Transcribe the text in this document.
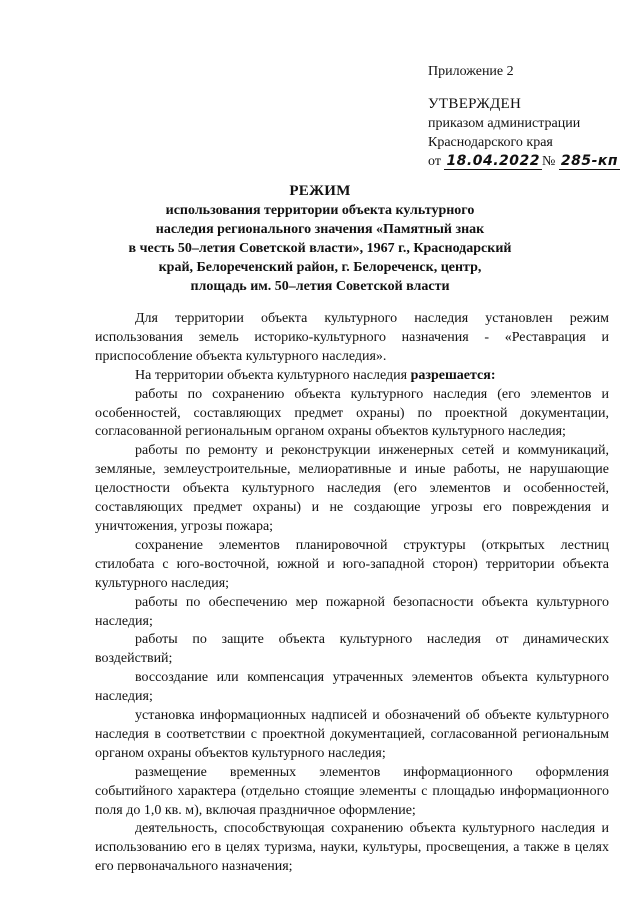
Приложение 2
УТВЕРЖДЕН
приказом администрации
Краснодарского края
от 18.04.2022 № 285-кп
РЕЖИМ
использования территории объекта культурного
наследия регионального значения «Памятный знак
в честь 50–летия Советской власти», 1967 г., Краснодарский
край, Белореченский район, г. Белореченск, центр,
площадь им. 50–летия Советской власти

Для территории объекта культурного наследия установлен режим использования земель историко-культурного назначения - «Реставрация и приспособление объекта культурного наследия».

На территории объекта культурного наследия разрешается:

работы по сохранению объекта культурного наследия (его элементов и особенностей, составляющих предмет охраны) по проектной документации, согласованной региональным органом охраны объектов культурного наследия;

работы по ремонту и реконструкции инженерных сетей и коммуникаций, земляные, землеустроительные, мелиоративные и иные работы, не нарушающие целостности объекта культурного наследия (его элементов и особенностей, составляющих предмет охраны) и не создающие угрозы его повреждения и уничтожения, угрозы пожара;

сохранение элементов планировочной структуры (открытых лестниц стилобата с юго-восточной, южной и юго-западной сторон) территории объекта культурного наследия;

работы по обеспечению мер пожарной безопасности объекта культурного наследия;

работы по защите объекта культурного наследия от динамических воздействий;

воссоздание или компенсация утраченных элементов объекта культурного наследия;

установка информационных надписей и обозначений об объекте культурного наследия в соответствии с проектной документацией, согласованной региональным органом охраны объектов культурного наследия;

размещение временных элементов информационного оформления событийного характера (отдельно стоящие элементы с площадью информационного поля до 1,0 кв. м), включая праздничное оформление;

деятельность, способствующая сохранению объекта культурного наследия и использованию его в целях туризма, науки, культуры, просвещения, а также в целях его первоначального назначения;
